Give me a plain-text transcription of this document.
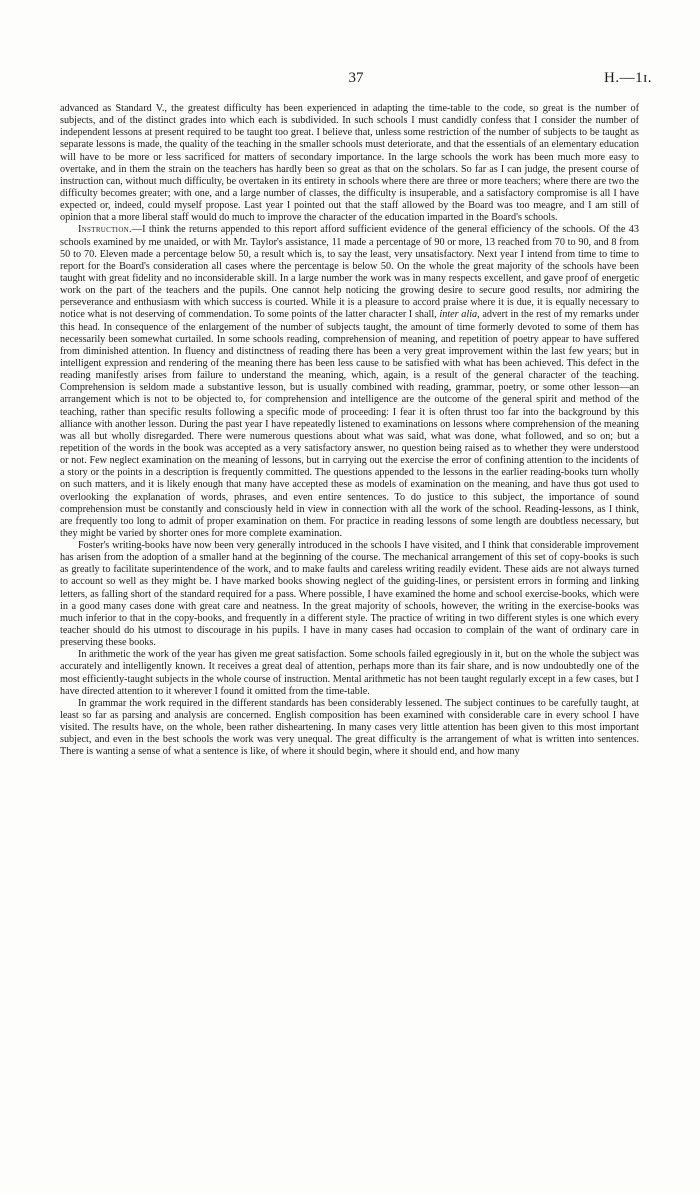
37	H.—1ɪ.

advanced as Standard V., the greatest difficulty has been experienced in adapting the time-table to the code, so great is the number of subjects, and of the distinct grades into which each is subdivided. In such schools I must candidly confess that I consider the number of independent lessons at present required to be taught too great. I believe that, unless some restriction of the number of subjects to be taught as separate lessons is made, the quality of the teaching in the smaller schools must deteriorate, and that the essentials of an elementary education will have to be more or less sacrificed for matters of secondary importance. In the large schools the work has been much more easy to overtake, and in them the strain on the teachers has hardly been so great as that on the scholars. So far as I can judge, the present course of instruction can, without much difficulty, be overtaken in its entirety in schools where there are three or more teachers; where there are two the difficulty becomes greater; with one, and a large number of classes, the difficulty is insuperable, and a satisfactory compromise is all I have expected or, indeed, could myself propose. Last year I pointed out that the staff allowed by the Board was too meagre, and I am still of opinion that a more liberal staff would do much to improve the character of the education imparted in the Board's schools.

Instruction.—I think the returns appended to this report afford sufficient evidence of the general efficiency of the schools. Of the 43 schools examined by me unaided, or with Mr. Taylor's assistance, 11 made a percentage of 90 or more, 13 reached from 70 to 90, and 8 from 50 to 70. Eleven made a percentage below 50, a result which is, to say the least, very unsatisfactory. Next year I intend from time to time to report for the Board's consideration all cases where the percentage is below 50. On the whole the great majority of the schools have been taught with great fidelity and no inconsiderable skill. In a large number the work was in many respects excellent, and gave proof of energetic work on the part of the teachers and the pupils. One cannot help noticing the growing desire to secure good results, nor admiring the perseverance and enthusiasm with which success is courted. While it is a pleasure to accord praise where it is due, it is equally necessary to notice what is not deserving of commendation. To some points of the latter character I shall, inter alia, advert in the rest of my remarks under this head. In consequence of the enlargement of the number of subjects taught, the amount of time formerly devoted to some of them has necessarily been somewhat curtailed. In some schools reading, comprehension of meaning, and repetition of poetry appear to have suffered from diminished attention. In fluency and distinctness of reading there has been a very great improvement within the last few years; but in intelligent expression and rendering of the meaning there has been less cause to be satisfied with what has been achieved. This defect in the reading manifestly arises from failure to understand the meaning, which, again, is a result of the general character of the teaching. Comprehension is seldom made a substantive lesson, but is usually combined with reading, grammar, poetry, or some other lesson—an arrangement which is not to be objected to, for comprehension and intelligence are the outcome of the general spirit and method of the teaching, rather than specific results following a specific mode of proceeding: I fear it is often thrust too far into the background by this alliance with another lesson. During the past year I have repeatedly listened to examinations on lessons where comprehension of the meaning was all but wholly disregarded. There were numerous questions about what was said, what was done, what followed, and so on; but a repetition of the words in the book was accepted as a very satisfactory answer, no question being raised as to whether they were understood or not. Few neglect examination on the meaning of lessons, but in carrying out the exercise the error of confining attention to the incidents of a story or the points in a description is frequently committed. The questions appended to the lessons in the earlier reading-books turn wholly on such matters, and it is likely enough that many have accepted these as models of examination on the meaning, and have thus got used to overlooking the explanation of words, phrases, and even entire sentences. To do justice to this subject, the importance of sound comprehension must be constantly and consciously held in view in connection with all the work of the school. Reading-lessons, as I think, are frequently too long to admit of proper examination on them. For practice in reading lessons of some length are doubtless necessary, but they might be varied by shorter ones for more complete examination.

Foster's writing-books have now been very generally introduced in the schools I have visited, and I think that considerable improvement has arisen from the adoption of a smaller hand at the beginning of the course. The mechanical arrangement of this set of copy-books is such as greatly to facilitate superintendence of the work, and to make faults and careless writing readily evident. These aids are not always turned to account so well as they might be. I have marked books showing neglect of the guiding-lines, or persistent errors in forming and linking letters, as falling short of the standard required for a pass. Where possible, I have examined the home and school exercise-books, which were in a good many cases done with great care and neatness. In the great majority of schools, however, the writing in the exercise-books was much inferior to that in the copy-books, and frequently in a different style. The practice of writing in two different styles is one which every teacher should do his utmost to discourage in his pupils. I have in many cases had occasion to complain of the want of ordinary care in preserving these books.

In arithmetic the work of the year has given me great satisfaction. Some schools failed egregiously in it, but on the whole the subject was accurately and intelligently known. It receives a great deal of attention, perhaps more than its fair share, and is now undoubtedly one of the most efficiently-taught subjects in the whole course of instruction. Mental arithmetic has not been taught regularly except in a few cases, but I have directed attention to it wherever I found it omitted from the time-table.

In grammar the work required in the different standards has been considerably lessened. The subject continues to be carefully taught, at least so far as parsing and analysis are concerned. English composition has been examined with considerable care in every school I have visited. The results have, on the whole, been rather disheartening. In many cases very little attention has been given to this most important subject, and even in the best schools the work was very unequal. The great difficulty is the arrangement of what is written into sentences. There is wanting a sense of what a sentence is like, of where it should begin, where it should end, and how many
